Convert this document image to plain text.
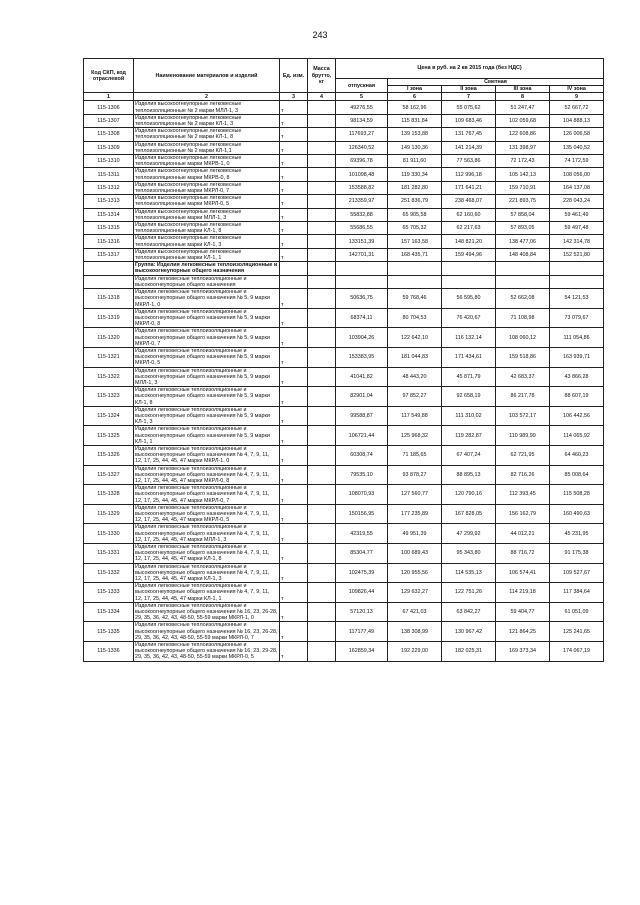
243
Код СКП, код отраслевой	Наименование материалов и изделий	Ед. изм.	Масса брутто, кг	Цена в руб. на 2 кв 2015 года (без НДС)				
				отпускная	Сметная			
					I зона	II зона	III зона	IV зона
1	2	3	4	5	6	7	8	9
115-1306	Изделия высокоогнеупорные легковесные теплоизоляционные № 2 марки МЛЛ-1, 3	т		49276,55	58 162,96	55 075,62	51 247,47	52 667,72
115-1307	Изделия высокоогнеупорные легковесные теплоизоляционные № 2 марки КЛ-1, 3	т		98134,59	115 831,84	109 683,46	102 059,68	104 888,13
115-1308	Изделия высокоогнеупорные легковесные теплоизоляционные № 2 марки КЛ-1, 8	т		117693,27	139 153,88	131 767,45	122 608,86	126 006,58
115-1309	Изделия высокоогнеупорные легковесные теплоизоляционные № 2 марки КЛ-1,1	т		126340,52	149 130,36	141 214,39	131 398,97	135 040,52
115-1310	Изделия высокоогнеупорные легковесные теплоизоляционные марки МКРВ-1, 0	т		69396,78	81 911,60	77 563,86	72 172,43	74 172,59
115-1311	Изделия высокоогнеупорные легковесные теплоизоляционные марки МКРВ-0, 8	т		101098,48	119 330,34	112 996,18	105 142,13	108 056,00
115-1312	Изделия высокоогнеупорные легковесные теплоизоляционные марки МКРЛ-0, 7	т		153588,82	181 282,80	171 641,21	159 710,91	164 137,08
115-1313	Изделия высокоогнеупорные легковесные теплоизоляционные марки МКРЛ-0, 5	т		213359,97	251 836,79	238 468,07	221 893,75	228 043,24
115-1314	Изделия высокоогнеупорные легковесные теплоизоляционные марки МЛЛ-1, 3	т		55832,88	65 905,58	62 160,60	57 858,04	59 461,49
115-1315	Изделия высокоогнеупорные легковесные теплоизоляционные марки КЛ-1, 8	т		55686,55	65 705,32	62 217,63	57 893,05	59 497,48
115-1316	Изделия высокоогнеупорные легковесные теплоизоляционные марки КЛ-1, 3	т		133151,39	157 163,58	148 821,20	138 477,06	142 314,78
115-1317	Изделия высокоогнеупорные легковесные теплоизоляционные марки КЛ-1, 1	т		142701,31	168 435,71	159 494,96	148 408,84	152 521,80
	Группа: Изделия легковесные теплоизоляционные и высокоогнеупорные общего назначения							
	Изделия легковесные теплоизоляционные и высокоогнеупорные общего назначения							
115-1318	Изделия легковесные теплоизоляционные и высокоогнеупорные общего назначения № 5, 9 марки МКРЛ-1, 0	т		50636,75	59 768,46	56 595,80	52 662,08	54 121,53
115-1319	Изделия легковесные теплоизоляционные и высокоогнеупорные общего назначения № 5, 9 марки МКРЛ-0, 8	т		68374,11	80 704,53	76 420,67	71 108,98	73 079,67
115-1320	Изделия легковесные теплоизоляционные и высокоогнеупорные общего назначения № 5, 9 марки МКРЛ-0, 7	т		103904,26	122 642,10	116 132,14	108 060,12	111 054,86
115-1321	Изделия легковесные теплоизоляционные и высокоогнеупорные общего назначения № 5, 9 марки МКРЛ-0, 5	т		153383,95	181 044,83	171 434,61	159 518,86	163 939,71
115-1322	Изделия легковесные теплоизоляционные и высокоогнеупорные общего назначения № 5, 9 марки МЛЛ-1, 3	т		41041,82	48 443,20	45 871,79	42 683,37	43 866,28
115-1323	Изделия легковесные теплоизоляционные и высокоогнеупорные общего назначения № 5, 9 марки КЛ-1, 8	т		82901,04	97 852,27	92 658,19	86 217,78	88 607,19
115-1324	Изделия легковесные теплоизоляционные и высокоогнеупорные общего назначения № 5, 9 марки КЛ-1, 3	т		99588,87	117 549,88	111 310,02	103 572,17	106 442,56
115-1325	Изделия легковесные теплоизоляционные и высокоогнеупорные общего назначения № 5, 9 марки КЛ-1, 1	т		106721,44	125 968,32	119 282,87	110 989,99	114 065,92
115-1326	Изделия легковесные теплоизоляционные и высокоогнеупорные общего назначения № 4, 7, 9, 11, 12, 17, 25, 44, 45, 47 марки МКРЛ-1, 0	т		60308,74	71 185,65	67 407,24	62 721,95	64 460,23
115-1327	Изделия легковесные теплоизоляционные и высокоогнеупорные общего назначения № 4, 7, 9, 11, 12, 17, 25, 44, 45, 47 марки МКРЛ-0, 8	т		79535,10	93 878,27	88 895,13	82 716,26	85 008,64
115-1328	Изделия легковесные теплоизоляционные и высокоогнеупорные общего назначения № 4, 7, 9, 11, 12, 17, 25, 44, 45, 47 марки МКРЛ-0, 7	т		108070,93	127 560,77	120 790,16	112 393,45	115 508,28
115-1329	Изделия легковесные теплоизоляционные и высокоогнеупорные общего назначения № 4, 7, 9, 11, 12, 17, 25, 44, 45, 47 марки МКРЛ-0, 5	т		150156,95	177 235,89	167 828,05	156 162,79	160 490,63
115-1330	Изделия легковесные теплоизоляционные и высокоогнеупорные общего назначения № 4, 7, 9, 11, 12, 17, 25, 44, 45, 47 марки МЛЛ-1, 3	т		42319,55	49 951,39	47 299,92	44 012,21	45 231,95
115-1331	Изделия легковесные теплоизоляционные и высокоогнеупорные общего назначения № 4, 7, 9, 11, 12, 17, 25, 44, 45, 47 марки КЛ-1, 8	т		85304,77	100 689,43	95 343,80	88 716,72	91 175,38
115-1332	Изделия легковесные теплоизоляционные и высокоогнеупорные общего назначения № 4, 7, 9, 11, 12, 17, 25, 44, 45, 47 марки КЛ-1, 3	т		102475,39	120 955,56	114 535,13	106 574,41	109 527,67
115-1333	Изделия легковесные теплоизоляционные и высокоогнеупорные общего назначения № 4, 7, 9, 11, 12, 17, 25, 44, 45, 47 марки КЛ-1, 1	т		109826,44	129 632,27	122 751,26	114 219,18	117 384,64
115-1334	Изделия легковесные теплоизоляционные и высокоогнеупорные общего назначения № 16, 23, 26-28, 29, 35, 36, 42, 43, 48-50, 55-59 марки МКРЛ-1, 0	т		57120,13	67 421,03	63 842,27	59 404,77	61 051,09
115-1335	Изделия легковесные теплоизоляционные и высокоогнеупорные общего назначения № 16, 23, 26-28, 29, 35, 36, 42, 43, 48-50, 55-59 марки МКРЛ-0, 7	т		117177,49	138 308,99	130 967,42	121 864,25	125 241,65
115-1336	Изделия легковесные теплоизоляционные и высокоогнеупорные общего назначения № 16, 23, 29-28, 29, 35, 36, 42, 43, 48-50, 55-59 марки МКРЛ-0, 5	т		162859,34	192 229,00	182 025,31	169 373,34	174 067,19
